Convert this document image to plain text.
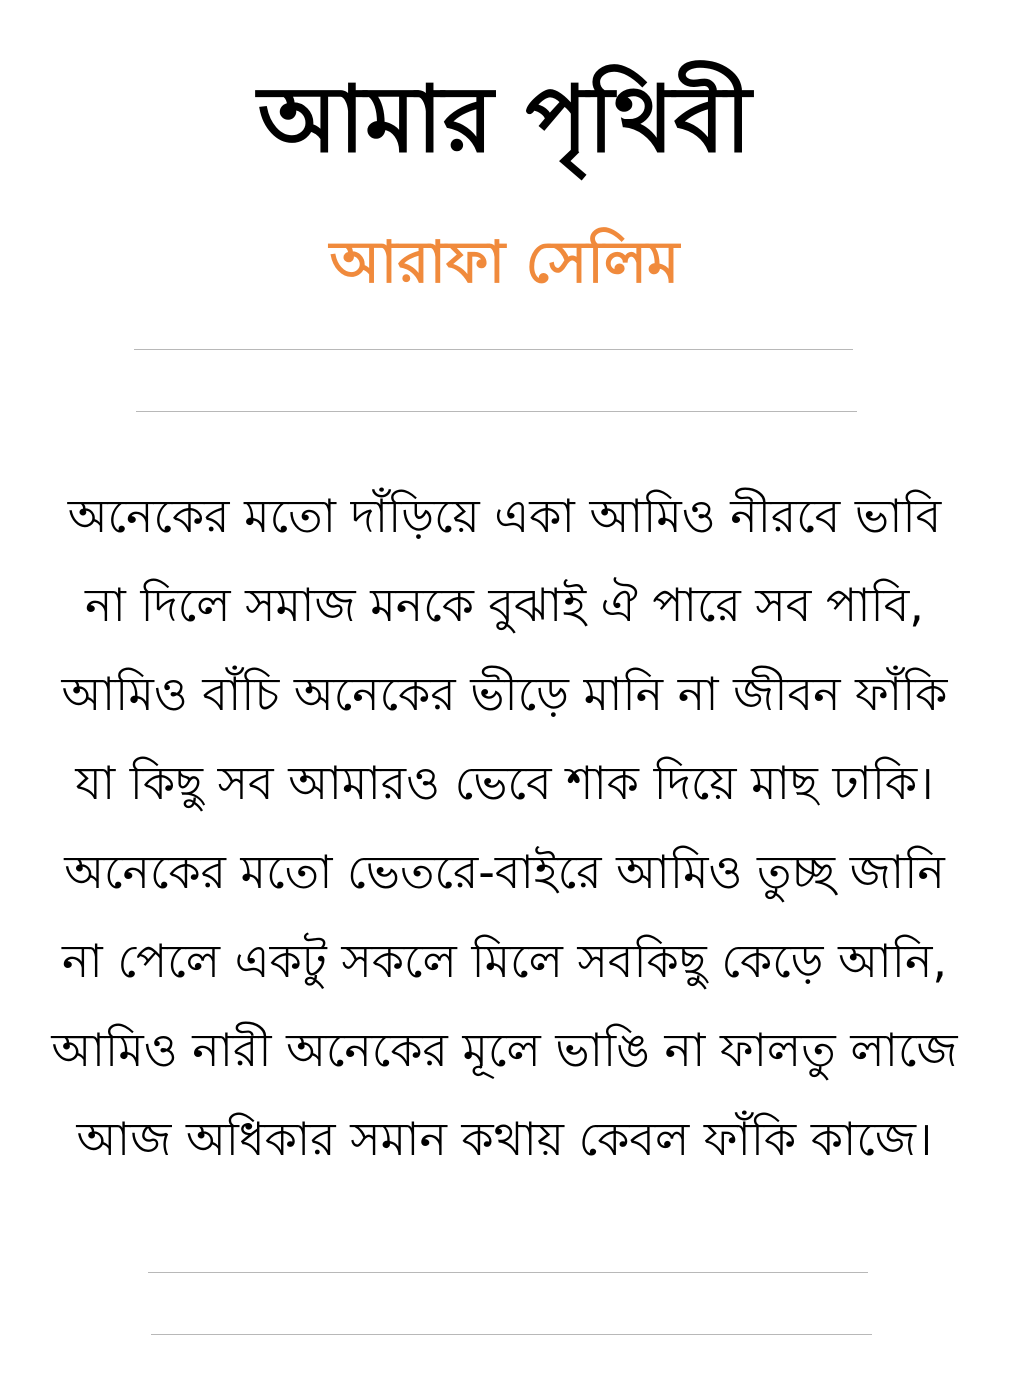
আমার পৃথিবী
আরাফা সেলিম
অনেকের মতো দাঁড়িয়ে একা আমিও নীরবে ভাবি
না দিলে সমাজ মনকে বুঝাই ঐ পারে সব পাবি,
আমিও বাঁচি অনেকের ভীড়ে মানি না জীবন ফাঁকি
যা কিছু সব আমারও ভেবে শাক দিয়ে মাছ ঢাকি।
অনেকের মতো ভেতরে-বাইরে আমিও তুচ্ছ জানি
না পেলে একটু সকলে মিলে সবকিছু কেড়ে আনি,
আমিও নারী অনেকের মূলে ভাঙি না ফালতু লাজে
আজ অধিকার সমান কথায় কেবল ফাঁকি কাজে।
